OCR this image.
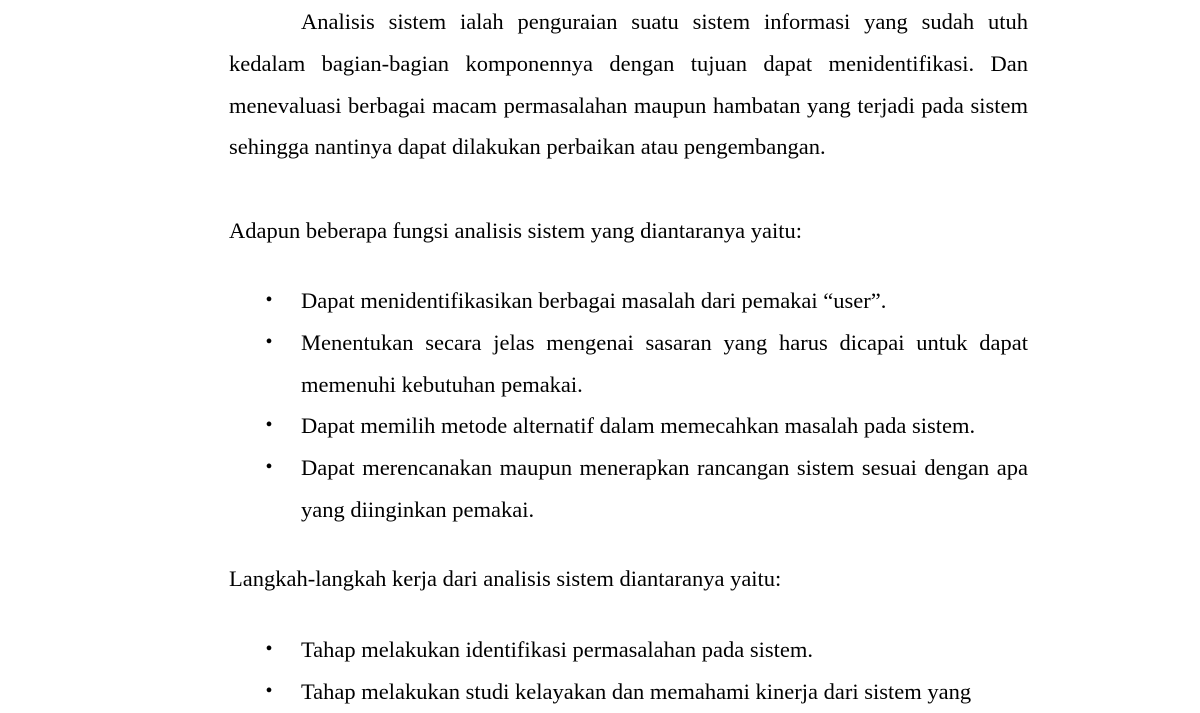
Analisis sistem ialah penguraian suatu sistem informasi yang sudah utuh kedalam bagian-bagian komponennya dengan tujuan dapat menidentifikasi. Dan menevaluasi berbagai macam permasalahan maupun hambatan yang terjadi pada sistem sehingga nantinya dapat dilakukan perbaikan atau pengembangan.

Adapun beberapa fungsi analisis sistem yang diantaranya yaitu:

• Dapat menidentifikasikan berbagai masalah dari pemakai “user”.
• Menentukan secara jelas mengenai sasaran yang harus dicapai untuk dapat memenuhi kebutuhan pemakai.
• Dapat memilih metode alternatif dalam memecahkan masalah pada sistem.
• Dapat merencanakan maupun menerapkan rancangan sistem sesuai dengan apa yang diinginkan pemakai.

Langkah-langkah kerja dari analisis sistem diantaranya yaitu:

• Tahap melakukan identifikasi permasalahan pada sistem.
• Tahap melakukan studi kelayakan dan memahami kinerja dari sistem yang
